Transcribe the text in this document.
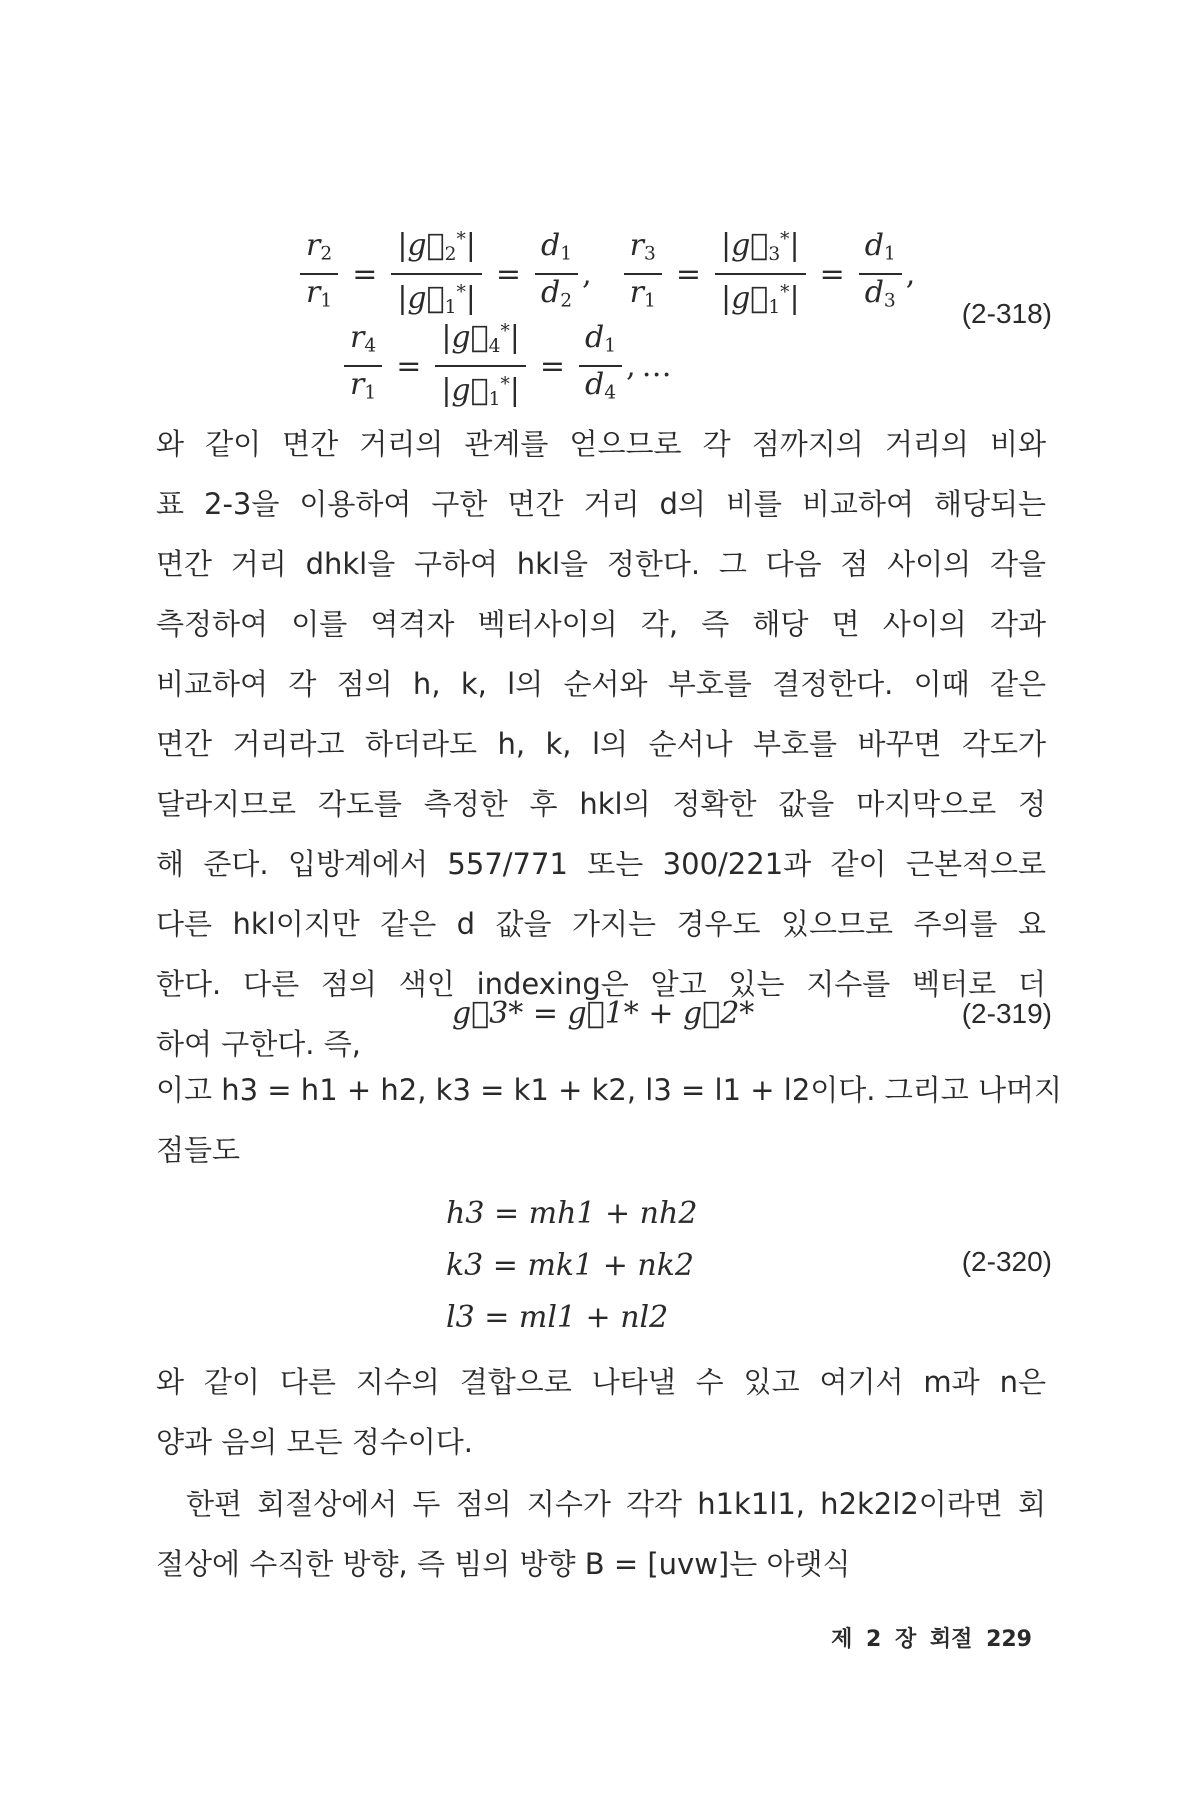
$\frac{r_2}{r_1} = \frac{|g⃗_2^*|}{|g⃗_1^*|} = \frac{d_1}{d_2}$ , $\frac{r_3}{r_1} = \frac{|g⃗_3^*|}{|g⃗_1^*|} = \frac{d_1}{d_3}$ ,
$\frac{r_4}{r_1} = \frac{|g⃗_4^*|}{|g⃗_1^*|} = \frac{d_1}{d_4}$ , …
(2-318)
와 같이 면간 거리의 관계를 얻으므로 각 점까지의 거리의 비와
표 2-3을 이용하여 구한 면간 거리 d의 비를 비교하여 해당되는
면간 거리 dhkl을 구하여 hkl을 정한다. 그 다음 점 사이의 각을
측정하여 이를 역격자 벡터사이의 각, 즉 해당 면 사이의 각과
비교하여 각 점의 h, k, l의 순서와 부호를 결정한다. 이때 같은
면간 거리라고 하더라도 h, k, l의 순서나 부호를 바꾸면 각도가
달라지므로 각도를 측정한 후 hkl의 정확한 값을 마지막으로 정
해 준다. 입방계에서 557/771 또는 300/221과 같이 근본적으로
다른 hkl이지만 같은 d 값을 가지는 경우도 있으므로 주의를 요
한다. 다른 점의 색인 indexing은 알고 있는 지수를 벡터로 더
하여 구한다. 즉,
g⃗3* = g⃗1* + g⃗2*	(2-319)
이고 h3 = h1 + h2, k3 = k1 + k2, l3 = l1 + l2이다. 그리고 나머지
점들도
h3 = mh1 + nh2
k3 = mk1 + nk2
l3 = ml1 + nl2
(2-320)
와 같이 다른 지수의 결합으로 나타낼 수 있고 여기서 m과 n은
양과 음의 모든 정수이다.
한편 회절상에서 두 점의 지수가 각각 h1k1l1, h2k2l2이라면 회
절상에 수직한 방향, 즉 빔의 방향 B = [uvw]는 아랫식
제 2 장 회절 229
